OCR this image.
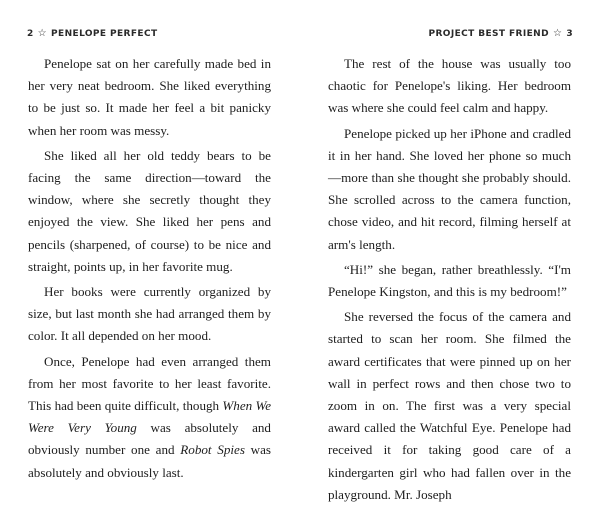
2 ☆ PENELOPE PERFECT

Penelope sat on her carefully made bed in her very neat bedroom. She liked everything to be just so. It made her feel a bit panicky when her room was messy.

She liked all her old teddy bears to be facing the same direction—toward the window, where she secretly thought they enjoyed the view. She liked her pens and pencils (sharpened, of course) to be nice and straight, points up, in her favorite mug.

Her books were currently organized by size, but last month she had arranged them by color. It all depended on her mood.

Once, Penelope had even arranged them from her most favorite to her least favorite. This had been quite difficult, though When We Were Very Young was absolutely and obviously number one and Robot Spies was absolutely and obviously last.

PROJECT BEST FRIEND ☆ 3

The rest of the house was usually too chaotic for Penelope's liking. Her bedroom was where she could feel calm and happy.

Penelope picked up her iPhone and cradled it in her hand. She loved her phone so much—more than she thought she probably should. She scrolled across to the camera function, chose video, and hit record, filming herself at arm's length.

“Hi!” she began, rather breathlessly. “I'm Penelope Kingston, and this is my bedroom!”

She reversed the focus of the camera and started to scan her room. She filmed the award certificates that were pinned up on her wall in perfect rows and then chose two to zoom in on. The first was a very special award called the Watchful Eye. Penelope had received it for taking good care of a kindergarten girl who had fallen over in the playground. Mr. Joseph
